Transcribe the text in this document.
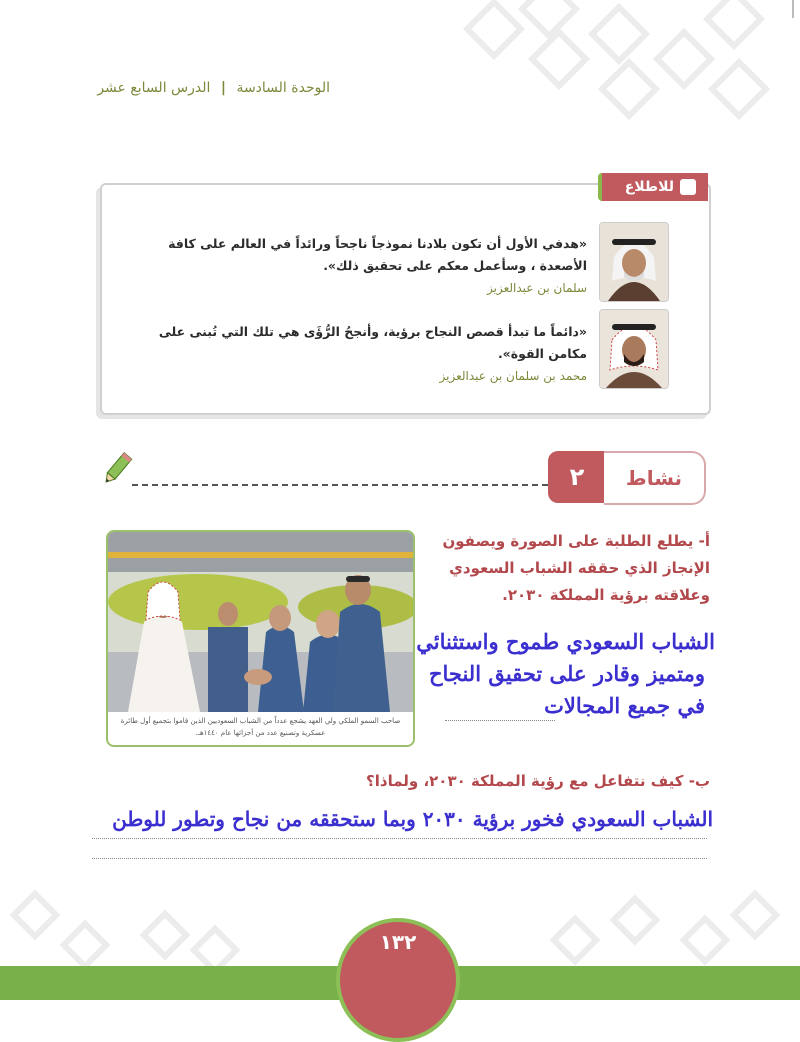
الوحدة السادسة | الدرس السابع عشر
«هدفي الأول أن تكون بلادنا نموذجاً ناجحاً ورائداً في العالم على كافة الأصعدة ، وسأعمل معكم على تحقيق ذلك».
سلمان بن عبدالعزيز
«دائماً ما تبدأ قصص النجاح برؤية، وأنجحُ الرُّؤَى هي تلك التي تُبنى على مكامن القوة».
محمد بن سلمان بن عبدالعزيز
للاطلاع
٢	نشاط
صاحب السمو الملكي ولي العهد يشجع عدداً من الشباب السعوديين الذين قاموا بتجميع أول طائرة عسكرية وتصنيع عدد من أجزائها عام ١٤٤٠هـ.
أ- يطلع الطلبة على الصورة ويصفون الإنجاز الذي حققه الشباب السعودي وعلاقته برؤية المملكة ٢٠٣٠.
الشباب السعودي طموح واستثنائي
ومتميز وقادر على تحقيق النجاح
في جميع المجالات
ب- كيف نتفاعل مع رؤية المملكة ٢٠٣٠، ولماذا؟
الشباب السعودي فخور برؤية ٢٠٣٠ وبما ستحققه من نجاح وتطور للوطن
١٣٢
